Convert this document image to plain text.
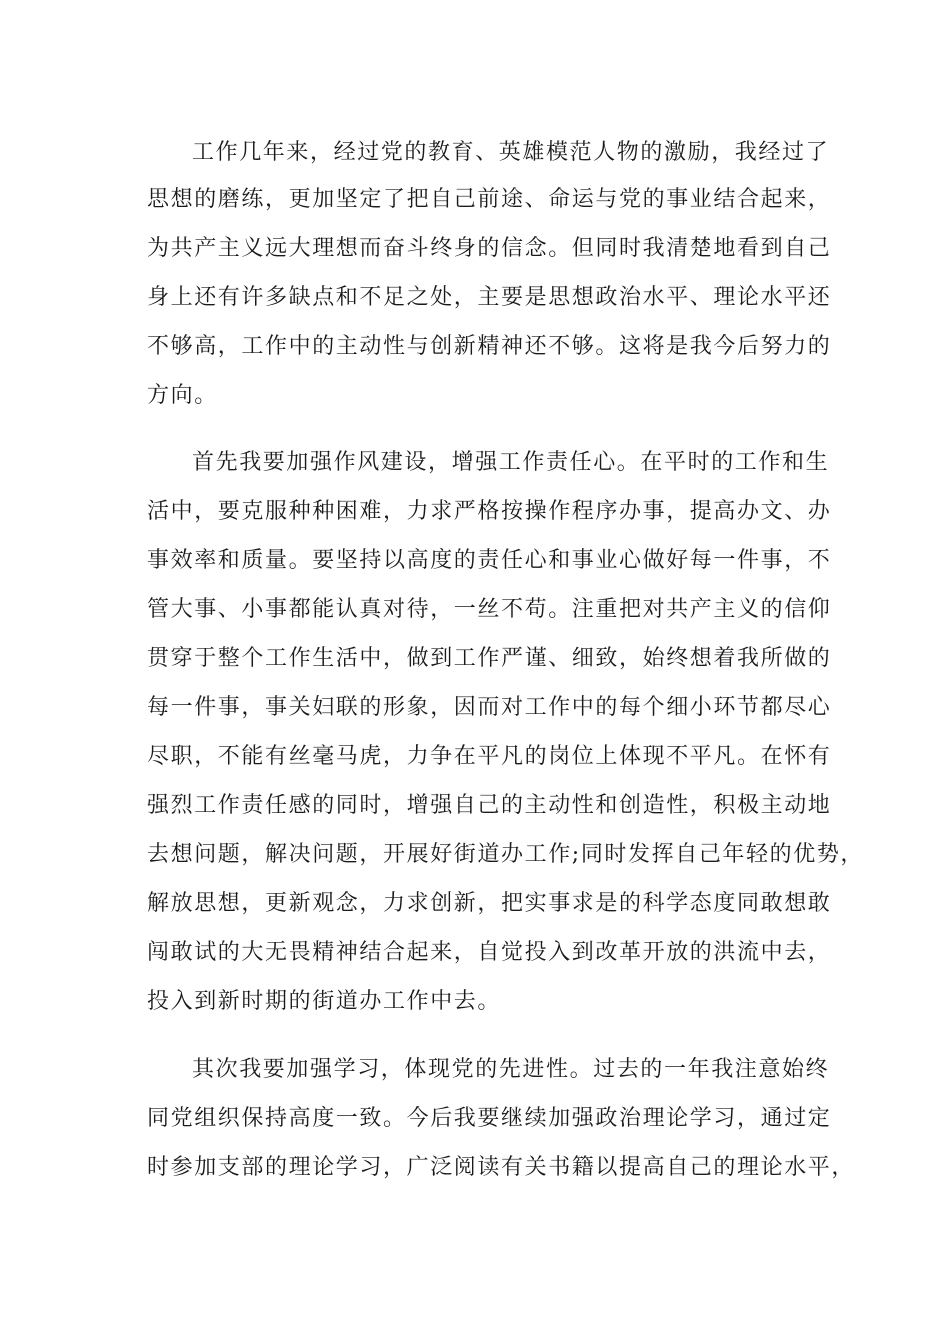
工作几年来，经过党的教育、英雄模范人物的激励，我经过了
思想的磨练，更加坚定了把自己前途、命运与党的事业结合起来，
为共产主义远大理想而奋斗终身的信念。但同时我清楚地看到自己
身上还有许多缺点和不足之处，主要是思想政治水平、理论水平还
不够高，工作中的主动性与创新精神还不够。这将是我今后努力的
方向。
首先我要加强作风建设，增强工作责任心。在平时的工作和生
活中，要克服种种困难，力求严格按操作程序办事，提高办文、办
事效率和质量。要坚持以高度的责任心和事业心做好每一件事，不
管大事、小事都能认真对待，一丝不苟。注重把对共产主义的信仰
贯穿于整个工作生活中，做到工作严谨、细致，始终想着我所做的
每一件事，事关妇联的形象，因而对工作中的每个细小环节都尽心
尽职，不能有丝毫马虎，力争在平凡的岗位上体现不平凡。在怀有
强烈工作责任感的同时，增强自己的主动性和创造性，积极主动地
去想问题，解决问题，开展好街道办工作;同时发挥自己年轻的优势，
解放思想，更新观念，力求创新，把实事求是的科学态度同敢想敢
闯敢试的大无畏精神结合起来，自觉投入到改革开放的洪流中去，
投入到新时期的街道办工作中去。
其次我要加强学习，体现党的先进性。过去的一年我注意始终
同党组织保持高度一致。今后我要继续加强政治理论学习，通过定
时参加支部的理论学习，广泛阅读有关书籍以提高自己的理论水平，
